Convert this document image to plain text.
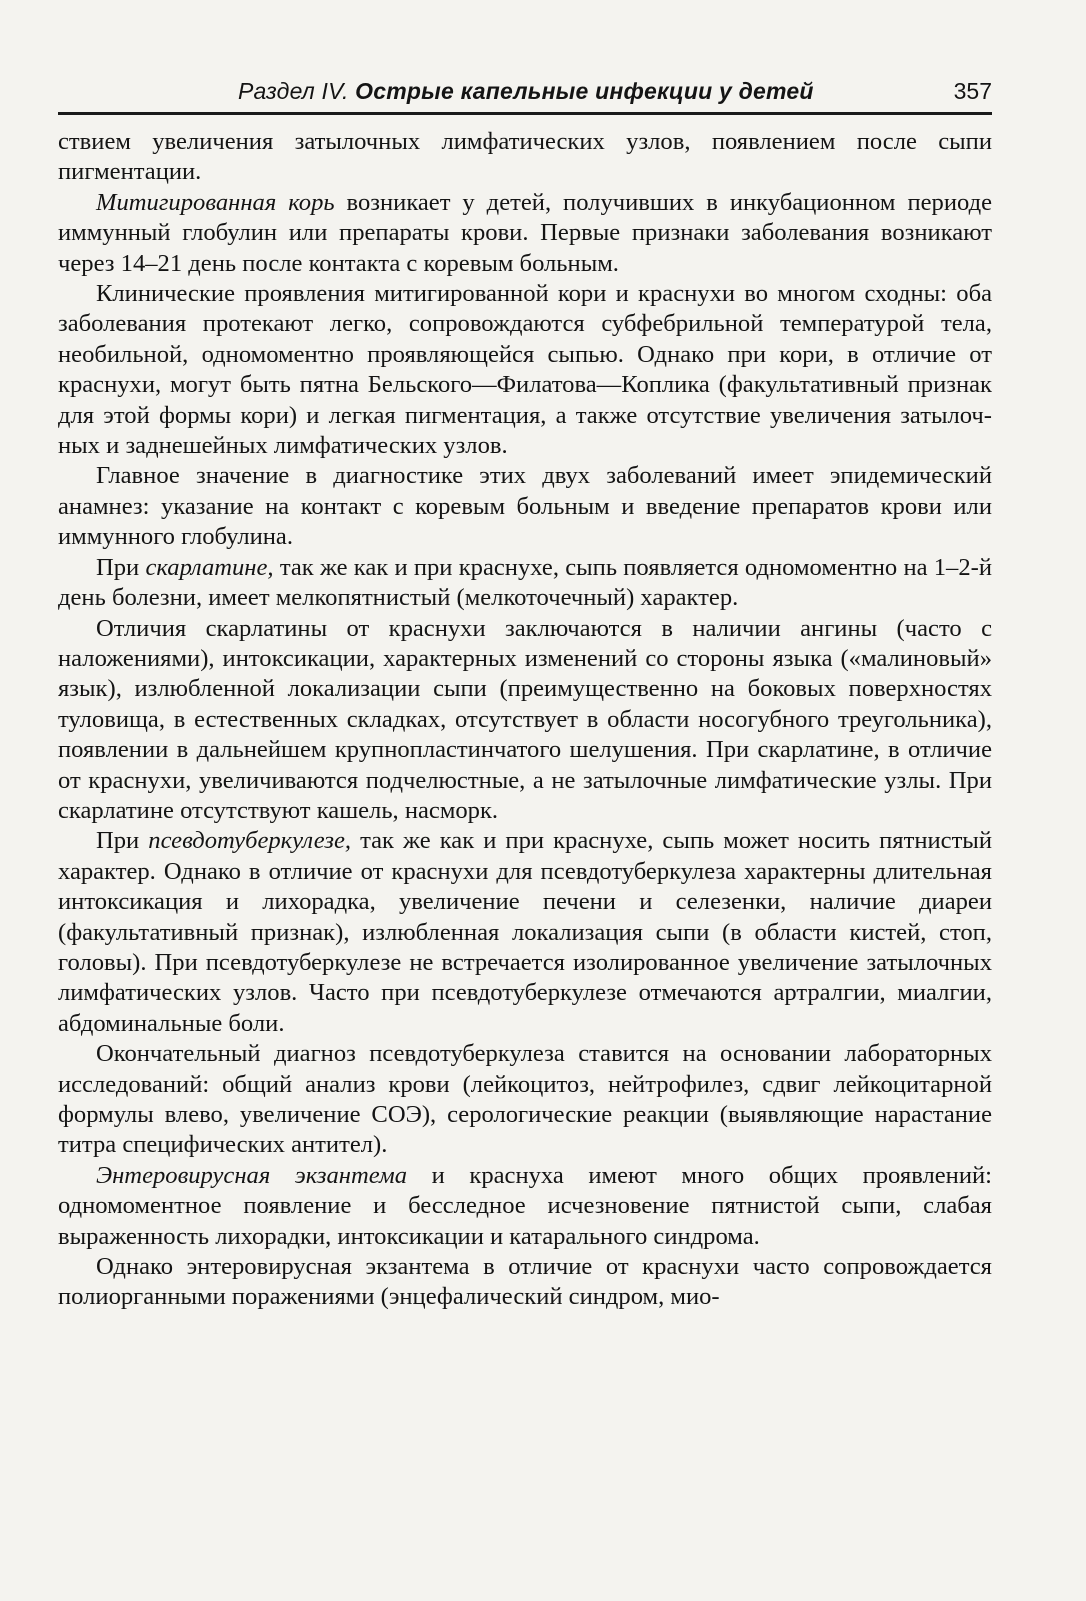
Раздел IV. Острые капельные инфекции у детей	357

ствием увеличения затылочных лимфатических узлов, появлением после сыпи пигментации.

Митигированная корь возникает у детей, получивших в инкубационном периоде иммунный глобулин или препараты крови. Первые признаки заболевания возникают через 14–21 день после контакта с коревым больным.

Клинические проявления митигированной кори и краснухи во многом сходны: оба заболевания протекают легко, сопровождаются субфебрильной температурой тела, необильной, одномоментно проявляющейся сыпью. Однако при кори, в отличие от краснухи, могут быть пятна Бельского—Филатова—Коплика (факультативный признак для этой формы кори) и легкая пигментация, а также отсутствие увеличения затылочных и заднешейных лимфатических узлов.

Главное значение в диагностике этих двух заболеваний имеет эпидемический анамнез: указание на контакт с коревым больным и введение препаратов крови или иммунного глобулина.

При скарлатине, так же как и при краснухе, сыпь появляется одномоментно на 1–2-й день болезни, имеет мелкопятнистый (мелкоточечный) характер.

Отличия скарлатины от краснухи заключаются в наличии ангины (часто с наложениями), интоксикации, характерных изменений со стороны языка («малиновый» язык), излюбленной локализации сыпи (преимущественно на боковых поверхностях туловища, в естественных складках, отсутствует в области носогубного треугольника), появлении в дальнейшем крупнопластинчатого шелушения. При скарлатине, в отличие от краснухи, увеличиваются подчелюстные, а не затылочные лимфатические узлы. При скарлатине отсутствуют кашель, насморк.

При псевдотуберкулезе, так же как и при краснухе, сыпь может носить пятнистый характер. Однако в отличие от краснухи для псевдотуберкулеза характерны длительная интоксикация и лихорадка, увеличение печени и селезенки, наличие диареи (факультативный признак), излюбленная локализация сыпи (в области кистей, стоп, головы). При псевдотуберкулезе не встречается изолированное увеличение затылочных лимфатических узлов. Часто при псевдотуберкулезе отмечаются артралгии, миалгии, абдоминальные боли.

Окончательный диагноз псевдотуберкулеза ставится на основании лабораторных исследований: общий анализ крови (лейкоцитоз, нейтрофилез, сдвиг лейкоцитарной формулы влево, увеличение СОЭ), серологические реакции (выявляющие нарастание титра специфических антител).

Энтеровирусная экзантема и краснуха имеют много общих проявлений: одномоментное появление и бесследное исчезновение пятнистой сыпи, слабая выраженность лихорадки, интоксикации и катарального синдрома.

Однако энтеровирусная экзантема в отличие от краснухи часто сопровождается полиорганными поражениями (энцефалический синдром, мио-
